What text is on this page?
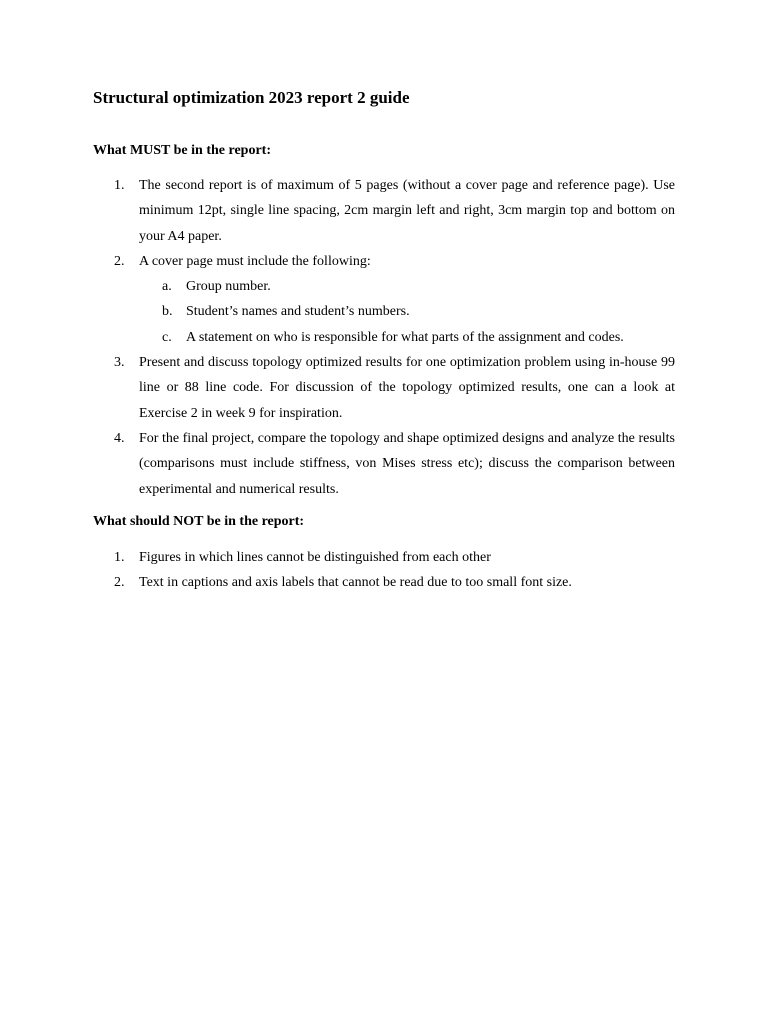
Structural optimization 2023 report 2 guide
What MUST be in the report:
1.	The second report is of maximum of 5 pages (without a cover page and reference page). Use minimum 12pt, single line spacing, 2cm margin left and right, 3cm margin top and bottom on your A4 paper.
2.	A cover page must include the following:
a. Group number.
b. Student’s names and student’s numbers.
c. A statement on who is responsible for what parts of the assignment and codes.
3.	Present and discuss topology optimized results for one optimization problem using in-house 99 line or 88 line code. For discussion of the topology optimized results, one can a look at Exercise 2 in week 9 for inspiration.
4.	For the final project, compare the topology and shape optimized designs and analyze the results (comparisons must include stiffness, von Mises stress etc); discuss the comparison between experimental and numerical results.
What should NOT be in the report:
1.	Figures in which lines cannot be distinguished from each other
2.	Text in captions and axis labels that cannot be read due to too small font size.
